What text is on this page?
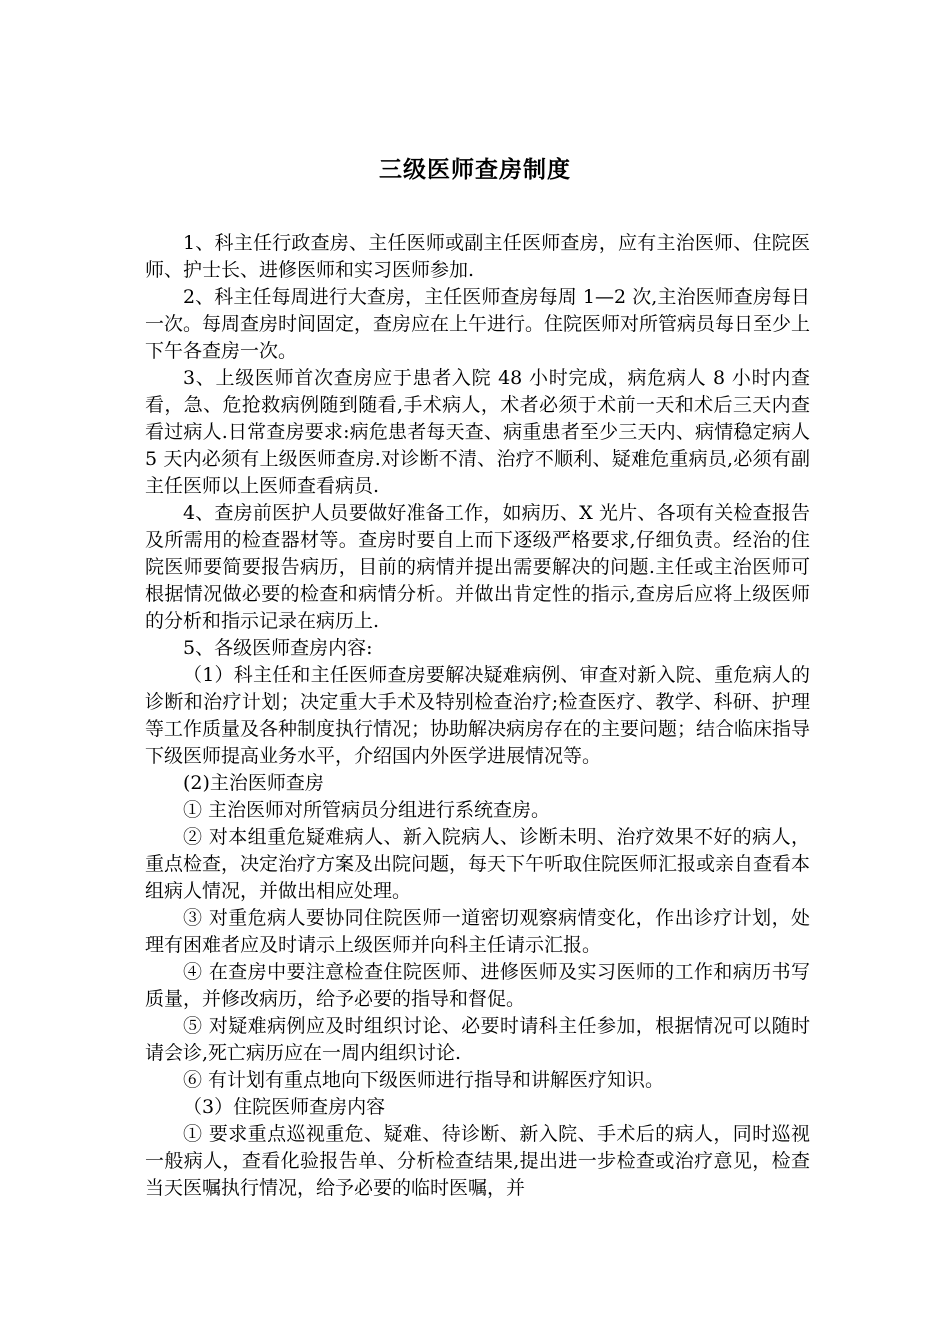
三级医师查房制度

1、科主任行政查房、主任医师或副主任医师查房，应有主治医师、住院医师、护士长、进修医师和实习医师参加.

2、科主任每周进行大查房，主任医师查房每周 1—2 次,主治医师查房每日一次。每周查房时间固定，查房应在上午进行。住院医师对所管病员每日至少上下午各查房一次。

3、上级医师首次查房应于患者入院 48 小时完成，病危病人 8 小时内查看，急、危抢救病例随到随看,手术病人，术者必须于术前一天和术后三天内查看过病人.日常查房要求:病危患者每天查、病重患者至少三天内、病情稳定病人 5 天内必须有上级医师查房.对诊断不清、治疗不顺利、疑难危重病员,必须有副主任医师以上医师查看病员.

4、查房前医护人员要做好准备工作，如病历、X 光片、各项有关检查报告及所需用的检查器材等。查房时要自上而下逐级严格要求,仔细负责。经治的住院医师要简要报告病历，目前的病情并提出需要解决的问题.主任或主治医师可根据情况做必要的检查和病情分析。并做出肯定性的指示,查房后应将上级医师的分析和指示记录在病历上.

5、各级医师查房内容:

（1）科主任和主任医师查房要解决疑难病例、审查对新入院、重危病人的诊断和治疗计划；决定重大手术及特别检查治疗;检查医疗、教学、科研、护理等工作质量及各种制度执行情况；协助解决病房存在的主要问题；结合临床指导下级医师提高业务水平，介绍国内外医学进展情况等。

(2)主治医师查房

① 主治医师对所管病员分组进行系统查房。

② 对本组重危疑难病人、新入院病人、诊断未明、治疗效果不好的病人，重点检查，决定治疗方案及出院问题，每天下午听取住院医师汇报或亲自查看本组病人情况，并做出相应处理。

③ 对重危病人要协同住院医师一道密切观察病情变化，作出诊疗计划，处理有困难者应及时请示上级医师并向科主任请示汇报。

④ 在查房中要注意检查住院医师、进修医师及实习医师的工作和病历书写质量，并修改病历，给予必要的指导和督促。

⑤ 对疑难病例应及时组织讨论、必要时请科主任参加，根据情况可以随时请会诊,死亡病历应在一周内组织讨论.

⑥ 有计划有重点地向下级医师进行指导和讲解医疗知识。

（3）住院医师查房内容

① 要求重点巡视重危、疑难、待诊断、新入院、手术后的病人，同时巡视一般病人，查看化验报告单、分析检查结果,提出进一步检查或治疗意见，检查当天医嘱执行情况，给予必要的临时医嘱，并
